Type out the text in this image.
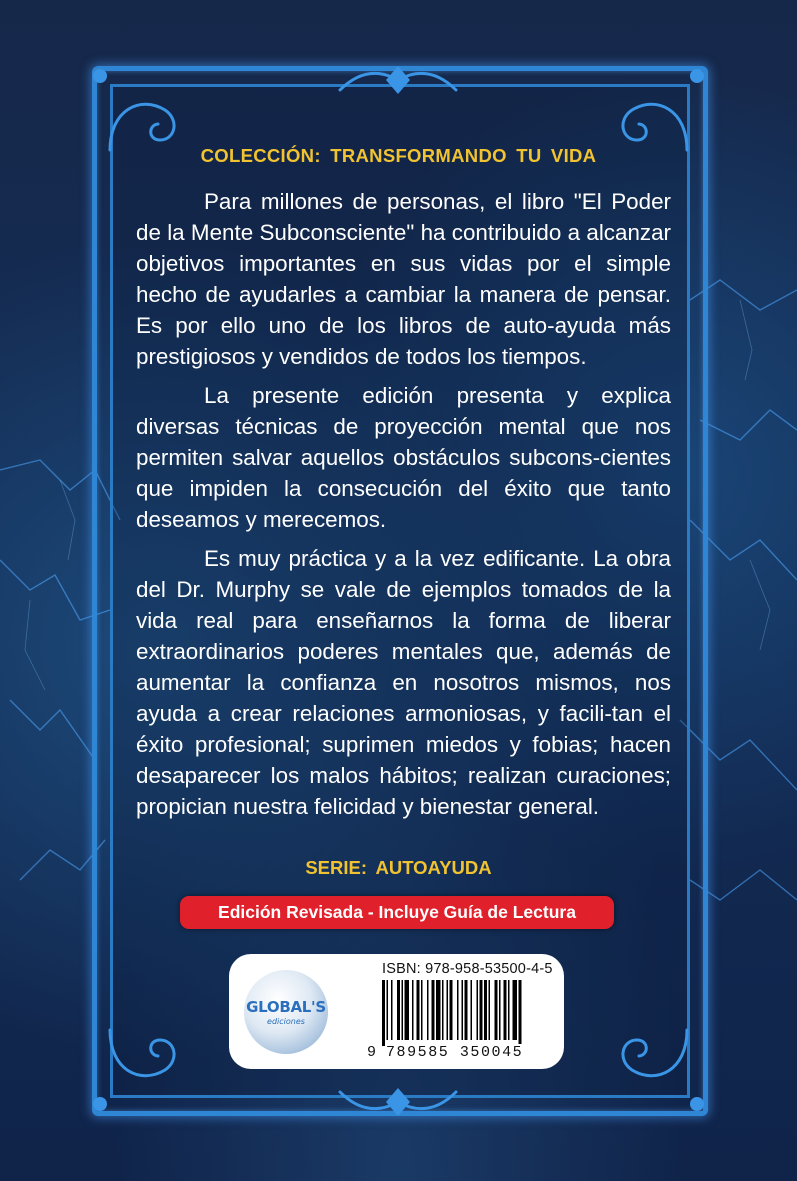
COLECCIÓN: TRANSFORMANDO TU VIDA

Para millones de personas, el libro "El Poder de la Mente Subconsciente" ha contribuido a alcanzar objetivos importantes en sus vidas por el simple hecho de ayudarles a cambiar la manera de pensar. Es por ello uno de los libros de auto-ayuda más prestigiosos y vendidos de todos los tiempos.

La presente edición presenta y explica diversas técnicas de proyección mental que nos permiten salvar aquellos obstáculos subcons-cientes que impiden la consecución del éxito que tanto deseamos y merecemos.

Es muy práctica y a la vez edificante. La obra del Dr. Murphy se vale de ejemplos tomados de la vida real para enseñarnos la forma de liberar extraordinarios poderes mentales que, además de aumentar la confianza en nosotros mismos, nos ayuda a crear relaciones armoniosas, y facili-tan el éxito profesional; suprimen miedos y fobias; hacen desaparecer los malos hábitos; realizan curaciones; propician nuestra felicidad y bienestar general.

SERIE: AUTOAYUDA
Edición Revisada - Incluye Guía de Lectura
GLOBAL'S
ediciones
ISBN: 978-958-53500-4-5
9 789585 350045
